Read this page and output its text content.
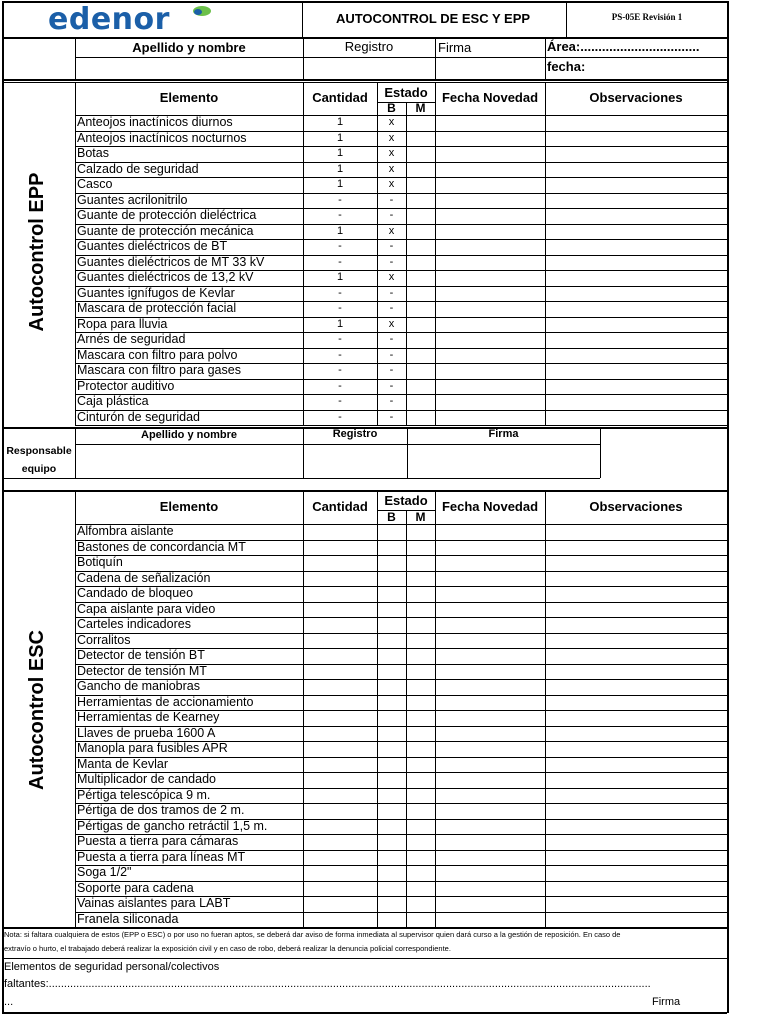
edenor	AUTOCONTROL DE ESC Y EPP	PS-05E Revisión 1
Apellido y nombre	Registro	Firma	Área:.................................
fecha:
Autocontrol EPP
Elemento	Cantidad	Estado
B	M
Fecha Novedad	Observaciones
Anteojos inactínicos diurnos	1	x
Anteojos inactínicos nocturnos	1	x
Botas	1	x
Calzado de seguridad	1	x
Casco	1	x
Guantes acrilonitrilo	-	-
Guante de protección dieléctrica	-	-
Guante de protección mecánica	1	x
Guantes dieléctricos de BT	-	-
Guantes dieléctricos de MT 33 kV	-	-
Guantes dieléctricos de 13,2 kV	1	x
Guantes ignífugos de Kevlar	-	-
Mascara de protección facial	-	-
Ropa para lluvia	1	x
Arnés de seguridad	-	-
Mascara con filtro para polvo	-	-
Mascara con filtro para gases	-	-
Protector auditivo	-	-
Caja plástica	-	-
Cinturón de seguridad	-	-
Responsable equipo
Apellido y nombre	Registro	Firma
Autocontrol ESC
Elemento	Cantidad	Estado
B	M
Fecha Novedad	Observaciones
Alfombra aislante
Bastones de concordancia MT
Botiquín
Cadena de señalización
Candado de bloqueo
Capa aislante para video
Carteles indicadores
Corralitos
Detector de tensión BT
Detector de tensión MT
Gancho de maniobras
Herramientas de accionamiento
Herramientas de Kearney
Llaves de prueba 1600 A
Manopla para fusibles APR
Manta de Kevlar
Multiplicador de candado
Pértiga telescópica 9 m.
Pértiga de dos tramos de 2 m.
Pértigas de gancho retráctil 1,5 m.
Puesta a tierra para cámaras
Puesta a tierra para líneas MT
Soga 1/2"
Soporte para cadena
Vainas aislantes para LABT
Franela siliconada
Nota: si faltara cualquiera de estos (EPP o ESC) o por uso no fueran aptos, se deberá dar aviso de forma inmediata al supervisor quien dará curso a la gestión de reposición. En caso de
extravío o hurto, el trabajado deberá realizar la exposición civil y en caso de robo, deberá realizar la denuncia policial correspondiente.
Elementos de seguridad personal/colectivos
faltantes:.....................................................................................................................................................................................................
...	Firma
